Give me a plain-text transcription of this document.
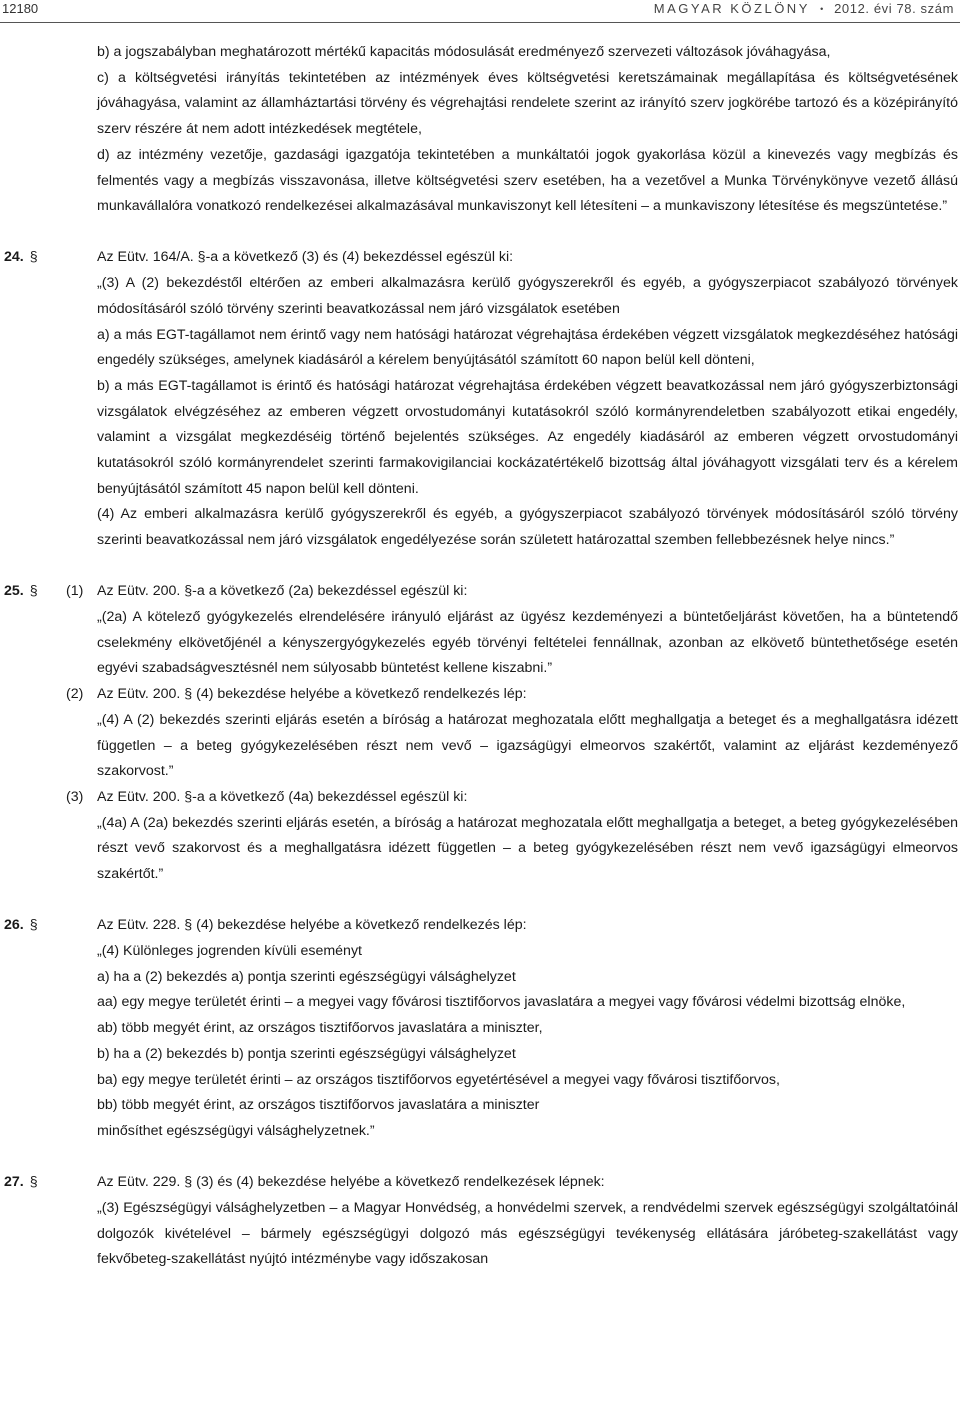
12180	MAGYAR KÖZLÖNY • 2012. évi 78. szám

b) a jogszabályban meghatározott mértékű kapacitás módosulását eredményező szervezeti változások jóváhagyása,

c) a költségvetési irányítás tekintetében az intézmények éves költségvetési keretszámainak megállapítása és költségvetésének jóváhagyása, valamint az államháztartási törvény és végrehajtási rendelete szerint az irányító szerv jogkörébe tartozó és a középirányító szerv részére át nem adott intézkedések megtétele,

d) az intézmény vezetője, gazdasági igazgatója tekintetében a munkáltatói jogok gyakorlása közül a kinevezés vagy megbízás és felmentés vagy a megbízás visszavonása, illetve költségvetési szerv esetében, ha a vezetővel a Munka Törvénykönyve vezető állású munkavállalóra vonatkozó rendelkezései alkalmazásával munkaviszonyt kell létesíteni – a munkaviszony létesítése és megszüntetése.”

24. §	Az Eütv. 164/A. §-a a következő (3) és (4) bekezdéssel egészül ki:

„(3) A (2) bekezdéstől eltérően az emberi alkalmazásra kerülő gyógyszerekről és egyéb, a gyógyszerpiacot szabályozó törvények módosításáról szóló törvény szerinti beavatkozással nem járó vizsgálatok esetében

a) a más EGT-tagállamot nem érintő vagy nem hatósági határozat végrehajtása érdekében végzett vizsgálatok megkezdéséhez hatósági engedély szükséges, amelynek kiadásáról a kérelem benyújtásától számított 60 napon belül kell dönteni,

b) a más EGT-tagállamot is érintő és hatósági határozat végrehajtása érdekében végzett beavatkozással nem járó gyógyszerbiztonsági vizsgálatok elvégzéséhez az emberen végzett orvostudományi kutatásokról szóló kormányrendeletben szabályozott etikai engedély, valamint a vizsgálat megkezdéséig történő bejelentés szükséges. Az engedély kiadásáról az emberen végzett orvostudományi kutatásokról szóló kormányrendelet szerinti farmakovigilanciai kockázatértékelő bizottság által jóváhagyott vizsgálati terv és a kérelem benyújtásától számított 45 napon belül kell dönteni.

(4) Az emberi alkalmazásra kerülő gyógyszerekről és egyéb, a gyógyszerpiacot szabályozó törvények módosításáról szóló törvény szerinti beavatkozással nem járó vizsgálatok engedélyezése során született határozattal szemben fellebbezésnek helye nincs.”

25. §	(1) Az Eütv. 200. §-a a következő (2a) bekezdéssel egészül ki:

„(2a) A kötelező gyógykezelés elrendelésére irányuló eljárást az ügyész kezdeményezi a büntetőeljárást követően, ha a büntetendő cselekmény elkövetőjénél a kényszergyógykezelés egyéb törvényi feltételei fennállnak, azonban az elkövető büntethetősége esetén egyévi szabadságvesztésnél nem súlyosabb büntetést kellene kiszabni.”

(2) Az Eütv. 200. § (4) bekezdése helyébe a következő rendelkezés lép:

„(4) A (2) bekezdés szerinti eljárás esetén a bíróság a határozat meghozatala előtt meghallgatja a beteget és a meghallgatásra idézett független – a beteg gyógykezelésében részt nem vevő – igazságügyi elmeorvos szakértőt, valamint az eljárást kezdeményező szakorvost.”

(3) Az Eütv. 200. §-a a következő (4a) bekezdéssel egészül ki:

„(4a) A (2a) bekezdés szerinti eljárás esetén, a bíróság a határozat meghozatala előtt meghallgatja a beteget, a beteg gyógykezelésében részt vevő szakorvost és a meghallgatásra idézett független – a beteg gyógykezelésében részt nem vevő igazságügyi elmeorvos szakértőt.”

26. §	Az Eütv. 228. § (4) bekezdése helyébe a következő rendelkezés lép:

„(4) Különleges jogrenden kívüli eseményt

a) ha a (2) bekezdés a) pontja szerinti egészségügyi válsághelyzet

aa) egy megye területét érinti – a megyei vagy fővárosi tisztifőorvos javaslatára a megyei vagy fővárosi védelmi bizottság elnöke,

ab) több megyét érint, az országos tisztifőorvos javaslatára a miniszter,

b) ha a (2) bekezdés b) pontja szerinti egészségügyi válsághelyzet

ba) egy megye területét érinti – az országos tisztifőorvos egyetértésével a megyei vagy fővárosi tisztifőorvos,

bb) több megyét érint, az országos tisztifőorvos javaslatára a miniszter

minősíthet egészségügyi válsághelyzetnek.”

27. §	Az Eütv. 229. § (3) és (4) bekezdése helyébe a következő rendelkezések lépnek:

„(3) Egészségügyi válsághelyzetben – a Magyar Honvédség, a honvédelmi szervek, a rendvédelmi szervek egészségügyi szolgáltatóinál dolgozók kivételével – bármely egészségügyi dolgozó más egészségügyi tevékenység ellátására járóbeteg-szakellátást vagy fekvőbeteg-szakellátást nyújtó intézménybe vagy időszakosan
